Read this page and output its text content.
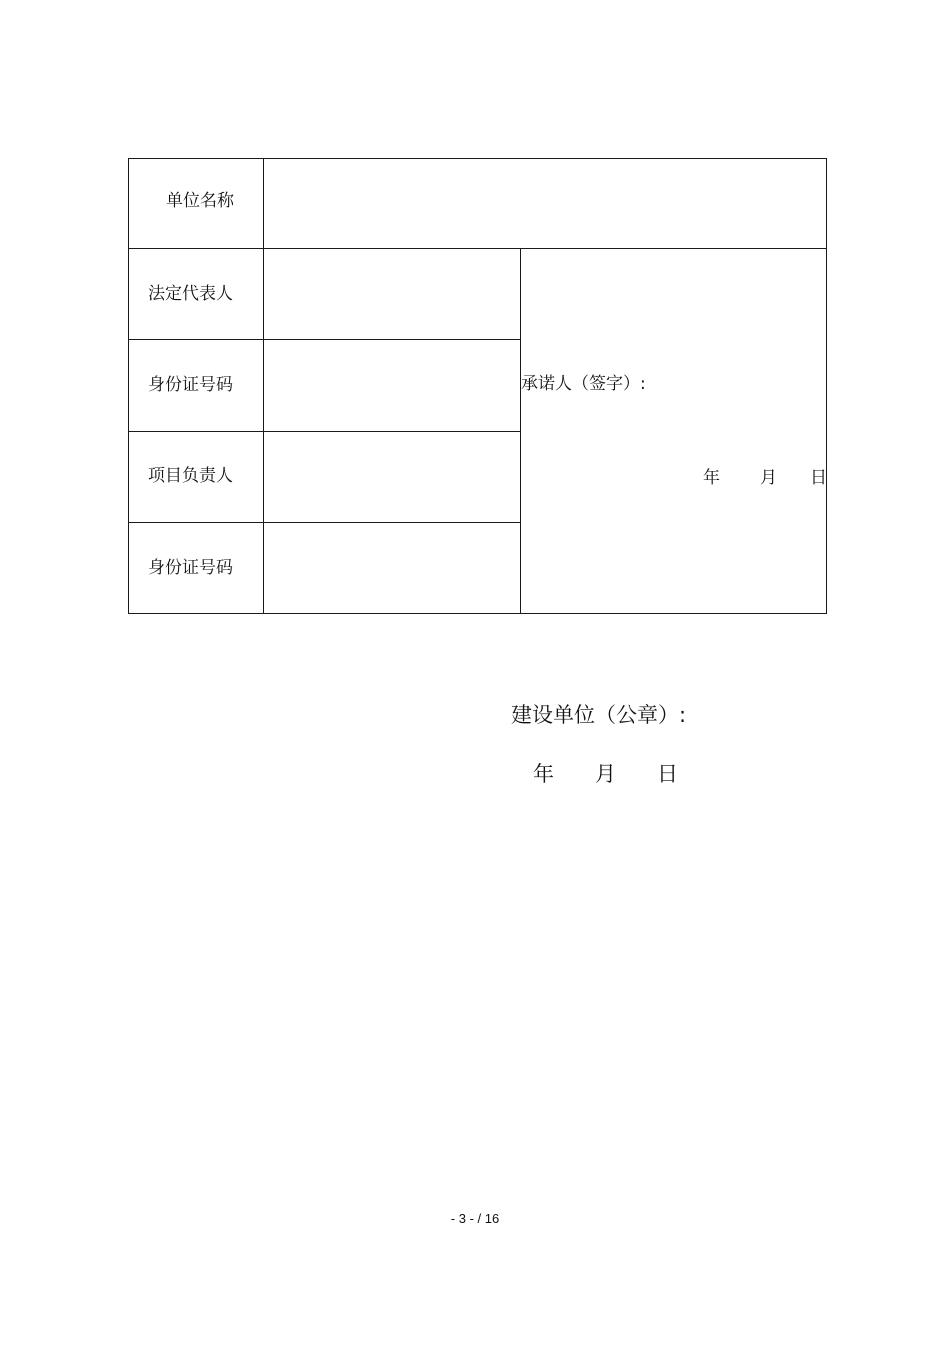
单位名称
法定代表人
身份证号码
项目负责人
身份证号码
承诺人（签字）:
年 月 日
建设单位（公章）:
年 月 日
- 3 - / 16
